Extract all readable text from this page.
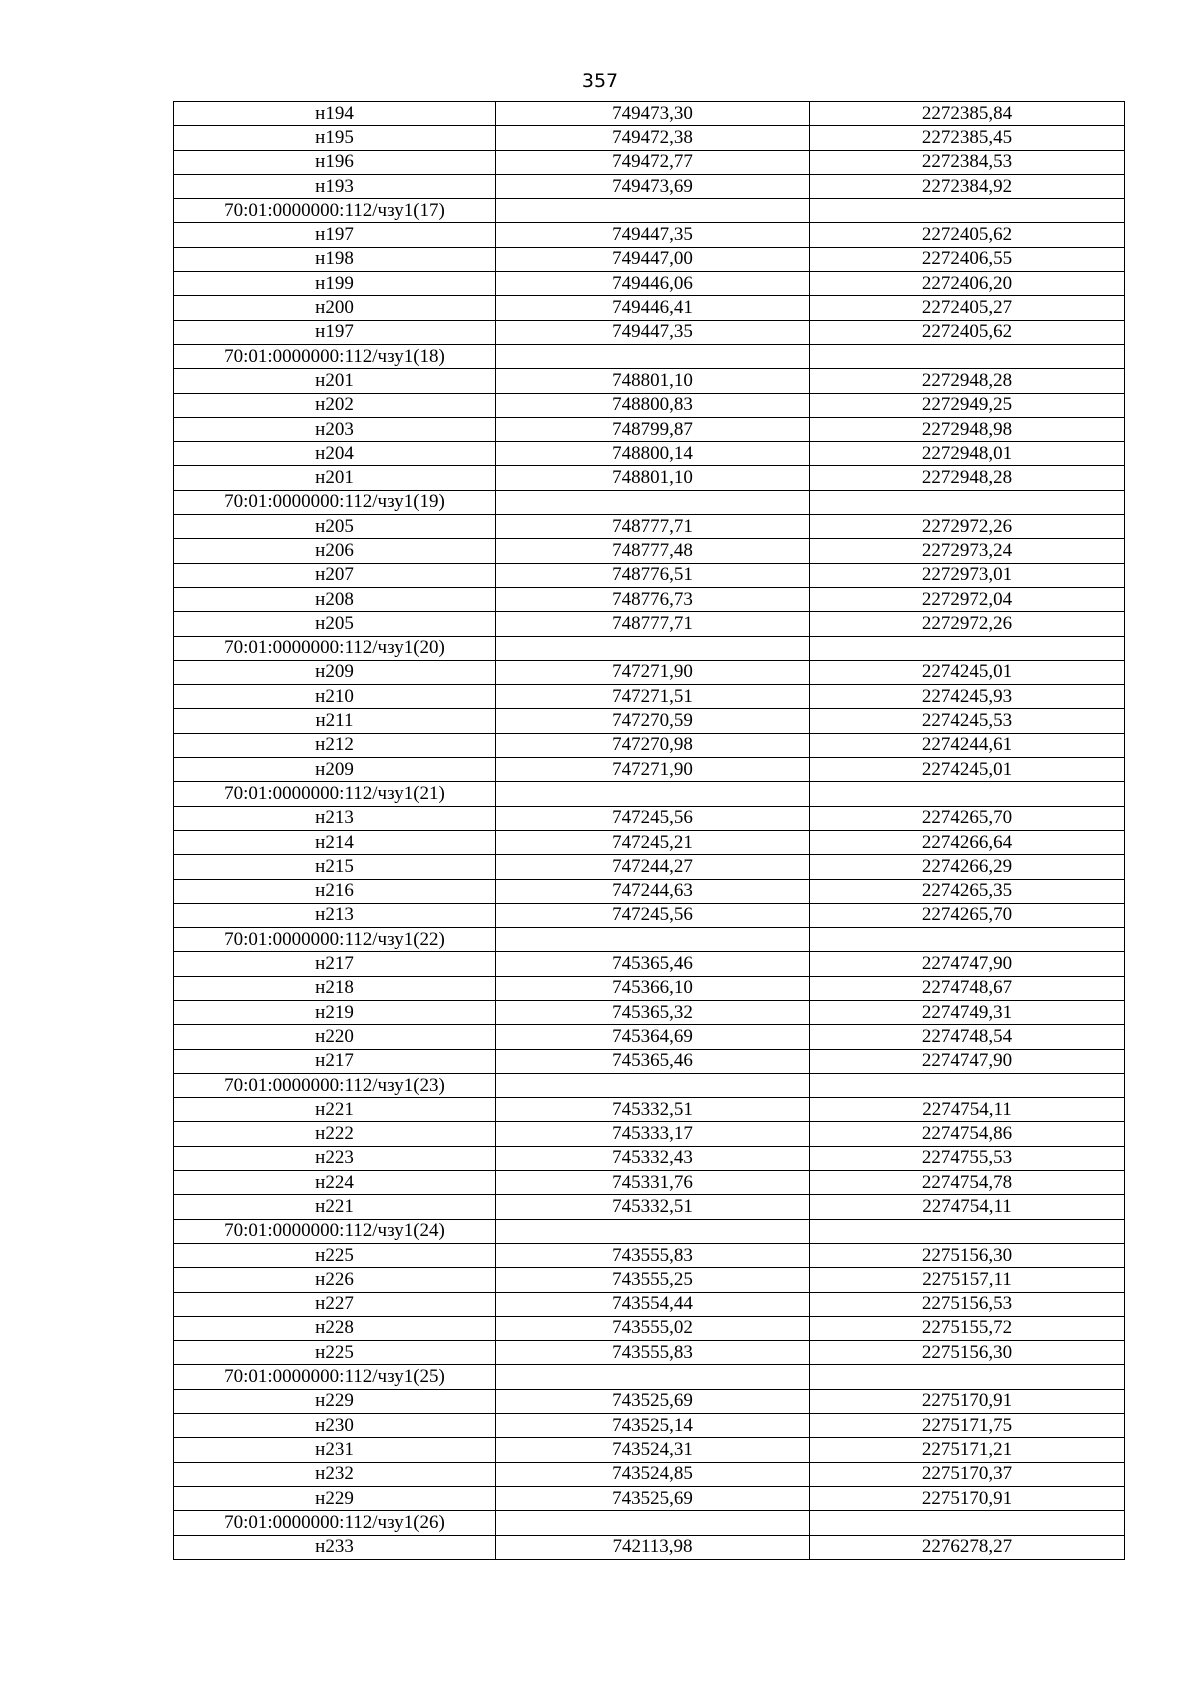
357
н194	749473,30	2272385,84
н195	749472,38	2272385,45
н196	749472,77	2272384,53
н193	749473,69	2272384,92
70:01:0000000:112/чзу1(17)		
н197	749447,35	2272405,62
н198	749447,00	2272406,55
н199	749446,06	2272406,20
н200	749446,41	2272405,27
н197	749447,35	2272405,62
70:01:0000000:112/чзу1(18)		
н201	748801,10	2272948,28
н202	748800,83	2272949,25
н203	748799,87	2272948,98
н204	748800,14	2272948,01
н201	748801,10	2272948,28
70:01:0000000:112/чзу1(19)		
н205	748777,71	2272972,26
н206	748777,48	2272973,24
н207	748776,51	2272973,01
н208	748776,73	2272972,04
н205	748777,71	2272972,26
70:01:0000000:112/чзу1(20)		
н209	747271,90	2274245,01
н210	747271,51	2274245,93
н211	747270,59	2274245,53
н212	747270,98	2274244,61
н209	747271,90	2274245,01
70:01:0000000:112/чзу1(21)		
н213	747245,56	2274265,70
н214	747245,21	2274266,64
н215	747244,27	2274266,29
н216	747244,63	2274265,35
н213	747245,56	2274265,70
70:01:0000000:112/чзу1(22)		
н217	745365,46	2274747,90
н218	745366,10	2274748,67
н219	745365,32	2274749,31
н220	745364,69	2274748,54
н217	745365,46	2274747,90
70:01:0000000:112/чзу1(23)		
н221	745332,51	2274754,11
н222	745333,17	2274754,86
н223	745332,43	2274755,53
н224	745331,76	2274754,78
н221	745332,51	2274754,11
70:01:0000000:112/чзу1(24)		
н225	743555,83	2275156,30
н226	743555,25	2275157,11
н227	743554,44	2275156,53
н228	743555,02	2275155,72
н225	743555,83	2275156,30
70:01:0000000:112/чзу1(25)		
н229	743525,69	2275170,91
н230	743525,14	2275171,75
н231	743524,31	2275171,21
н232	743524,85	2275170,37
н229	743525,69	2275170,91
70:01:0000000:112/чзу1(26)		
н233	742113,98	2276278,27
